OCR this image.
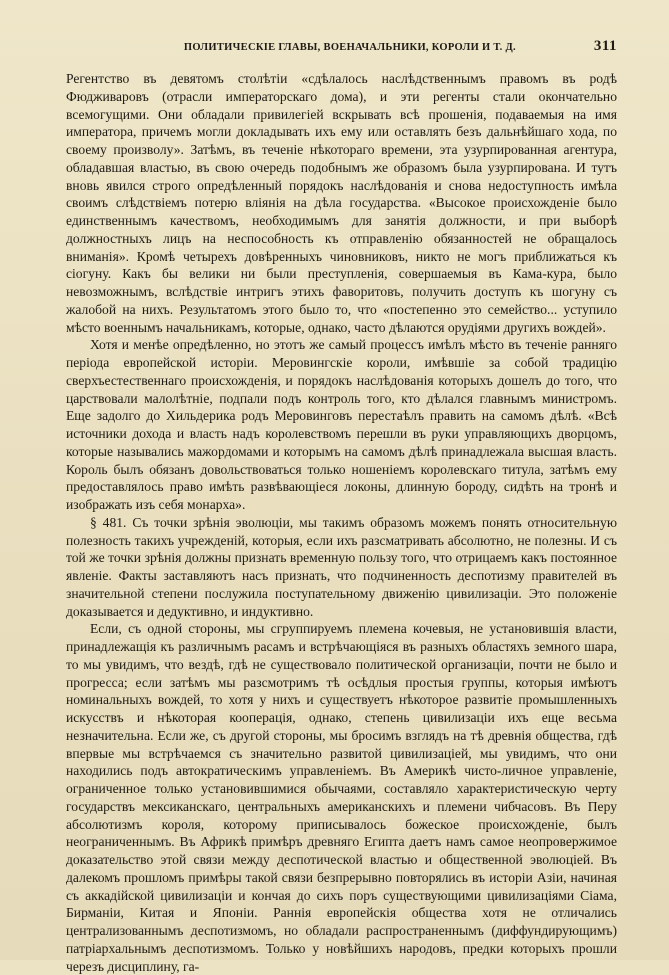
ПОЛИТИЧЕСКІЕ ГЛАВЫ, ВОЕНАЧАЛЬНИКИ, КОРОЛИ И Т. Д.	311

Регентство въ девятомъ столѣтіи «сдѣлалось наслѣдственнымъ правомъ въ родѣ Фюдживаровъ (отрасли императорскаго дома), и эти регенты стали окончательно всемогущими. Они обладали привилегіей вскрывать всѣ прошенія, подаваемыя на имя императора, причемъ могли докладывать ихъ ему или оставлять безъ дальнѣйшаго хода, по своему произволу». Затѣмъ, въ теченіе нѣкотораго времени, эта узурпированная агентура, обладавшая властью, въ свою очередь подобнымъ же образомъ была узурпирована. И тутъ вновь явился строго опредѣленный порядокъ наслѣдованія и снова недоступность имѣла своимъ слѣдствіемъ потерю вліянія на дѣла государства. «Высокое происхожденіе было единственнымъ качествомъ, необходимымъ для занятія должности, и при выборѣ должностныхъ лицъ на неспособность къ отправленію обязанностей не обращалось вниманія». Кромѣ четырехъ довѣренныхъ чиновниковъ, никто не могъ приближаться къ сіогуну. Какъ бы велики ни были преступленія, совершаемыя въ Кама-кура, было невозможнымъ, вслѣдствіе интригъ этихъ фаворитовъ, получить доступъ къ шогуну съ жалобой на нихъ. Результатомъ этого было то, что «постепенно это семейство... уступило мѣсто военнымъ начальникамъ, которые, однако, часто дѣлаются орудіями другихъ вождей».

Хотя и менѣе опредѣленно, но этотъ же самый процессъ имѣлъ мѣсто въ теченіе ранняго періода европейской исторіи. Меровингскіе короли, имѣвшіе за собой традицію сверхъестественнаго происхожденія, и порядокъ наслѣдованія которыхъ дошелъ до того, что царствовали малолѣтніе, подпали подъ контроль того, кто дѣлался главнымъ министромъ. Еще задолго до Хильдерика родъ Меровинговъ перестаѣлъ править на самомъ дѣлѣ. «Всѣ источники дохода и власть надъ королевствомъ перешли въ руки управляющихъ дворцомъ, которые назывались мажордомами и которымъ на самомъ дѣлѣ принадлежала высшая власть. Король былъ обязанъ довольствоваться только ношеніемъ королевскаго титула, затѣмъ ему предоставлялось право имѣть развѣвающіеся локоны, длинную бороду, сидѣть на тронѣ и изображать изъ себя монарха».

§ 481. Съ точки зрѣнія эволюціи, мы такимъ образомъ можемъ понять относительную полезность такихъ учрежденій, которыя, если ихъ разсматривать абсолютно, не полезны. И съ той же точки зрѣнія должны признать временную пользу того, что отрицаемъ какъ постоянное явленіе. Факты заставляютъ насъ признать, что подчиненность деспотизму правителей въ значительной степени послужила поступательному движенію цивилизаціи. Это положеніе доказывается и дедуктивно, и индуктивно.

Если, съ одной стороны, мы сгруппируемъ племена кочевыя, не установившія власти, принадлежащія къ различнымъ расамъ и встрѣчающіяся въ разныхъ областяхъ земного шара, то мы увидимъ, что вездѣ, гдѣ не существовало политической организаціи, почти не было и прогресса; если затѣмъ мы разсмотримъ тѣ осѣдлыя простыя группы, которыя имѣютъ номинальныхъ вождей, то хотя у нихъ и существуетъ нѣкоторое развитіе промышленныхъ искусствъ и нѣкоторая кооперація, однако, степень цивилизаціи ихъ еще весьма незначительна. Если же, съ другой стороны, мы бросимъ взглядъ на тѣ древнія общества, гдѣ впервые мы встрѣчаемся съ значительно развитой цивилизаціей, мы увидимъ, что они находились подъ автократическимъ управленіемъ. Въ Америкѣ чисто-личное управленіе, ограниченное только установившимися обычаями, составляло характеристическую черту государствъ мексиканскаго, центральныхъ американскихъ и племени чибчасовъ. Въ Перу абсолютизмъ короля, которому приписывалось божеское происхожденіе, былъ неограниченнымъ. Въ Африкѣ примѣръ древняго Египта даетъ намъ самое неопровержимое доказательство этой связи между деспотической властью и общественной эволюціей. Въ далекомъ прошломъ примѣры такой связи безпрерывно повторялись въ исторіи Азіи, начиная съ аккадійской цивилизаціи и кончая до сихъ поръ существующими цивилизаціями Сіама, Бирманіи, Китая и Японіи. Раннія европейскія общества хотя не отличались централизованнымъ деспотизмомъ, но обладали распространеннымъ (диффундирующимъ) патріархальнымъ деспотизмомъ. Только у новѣйшихъ народовъ, предки которыхъ прошли черезъ дисциплину, га-
